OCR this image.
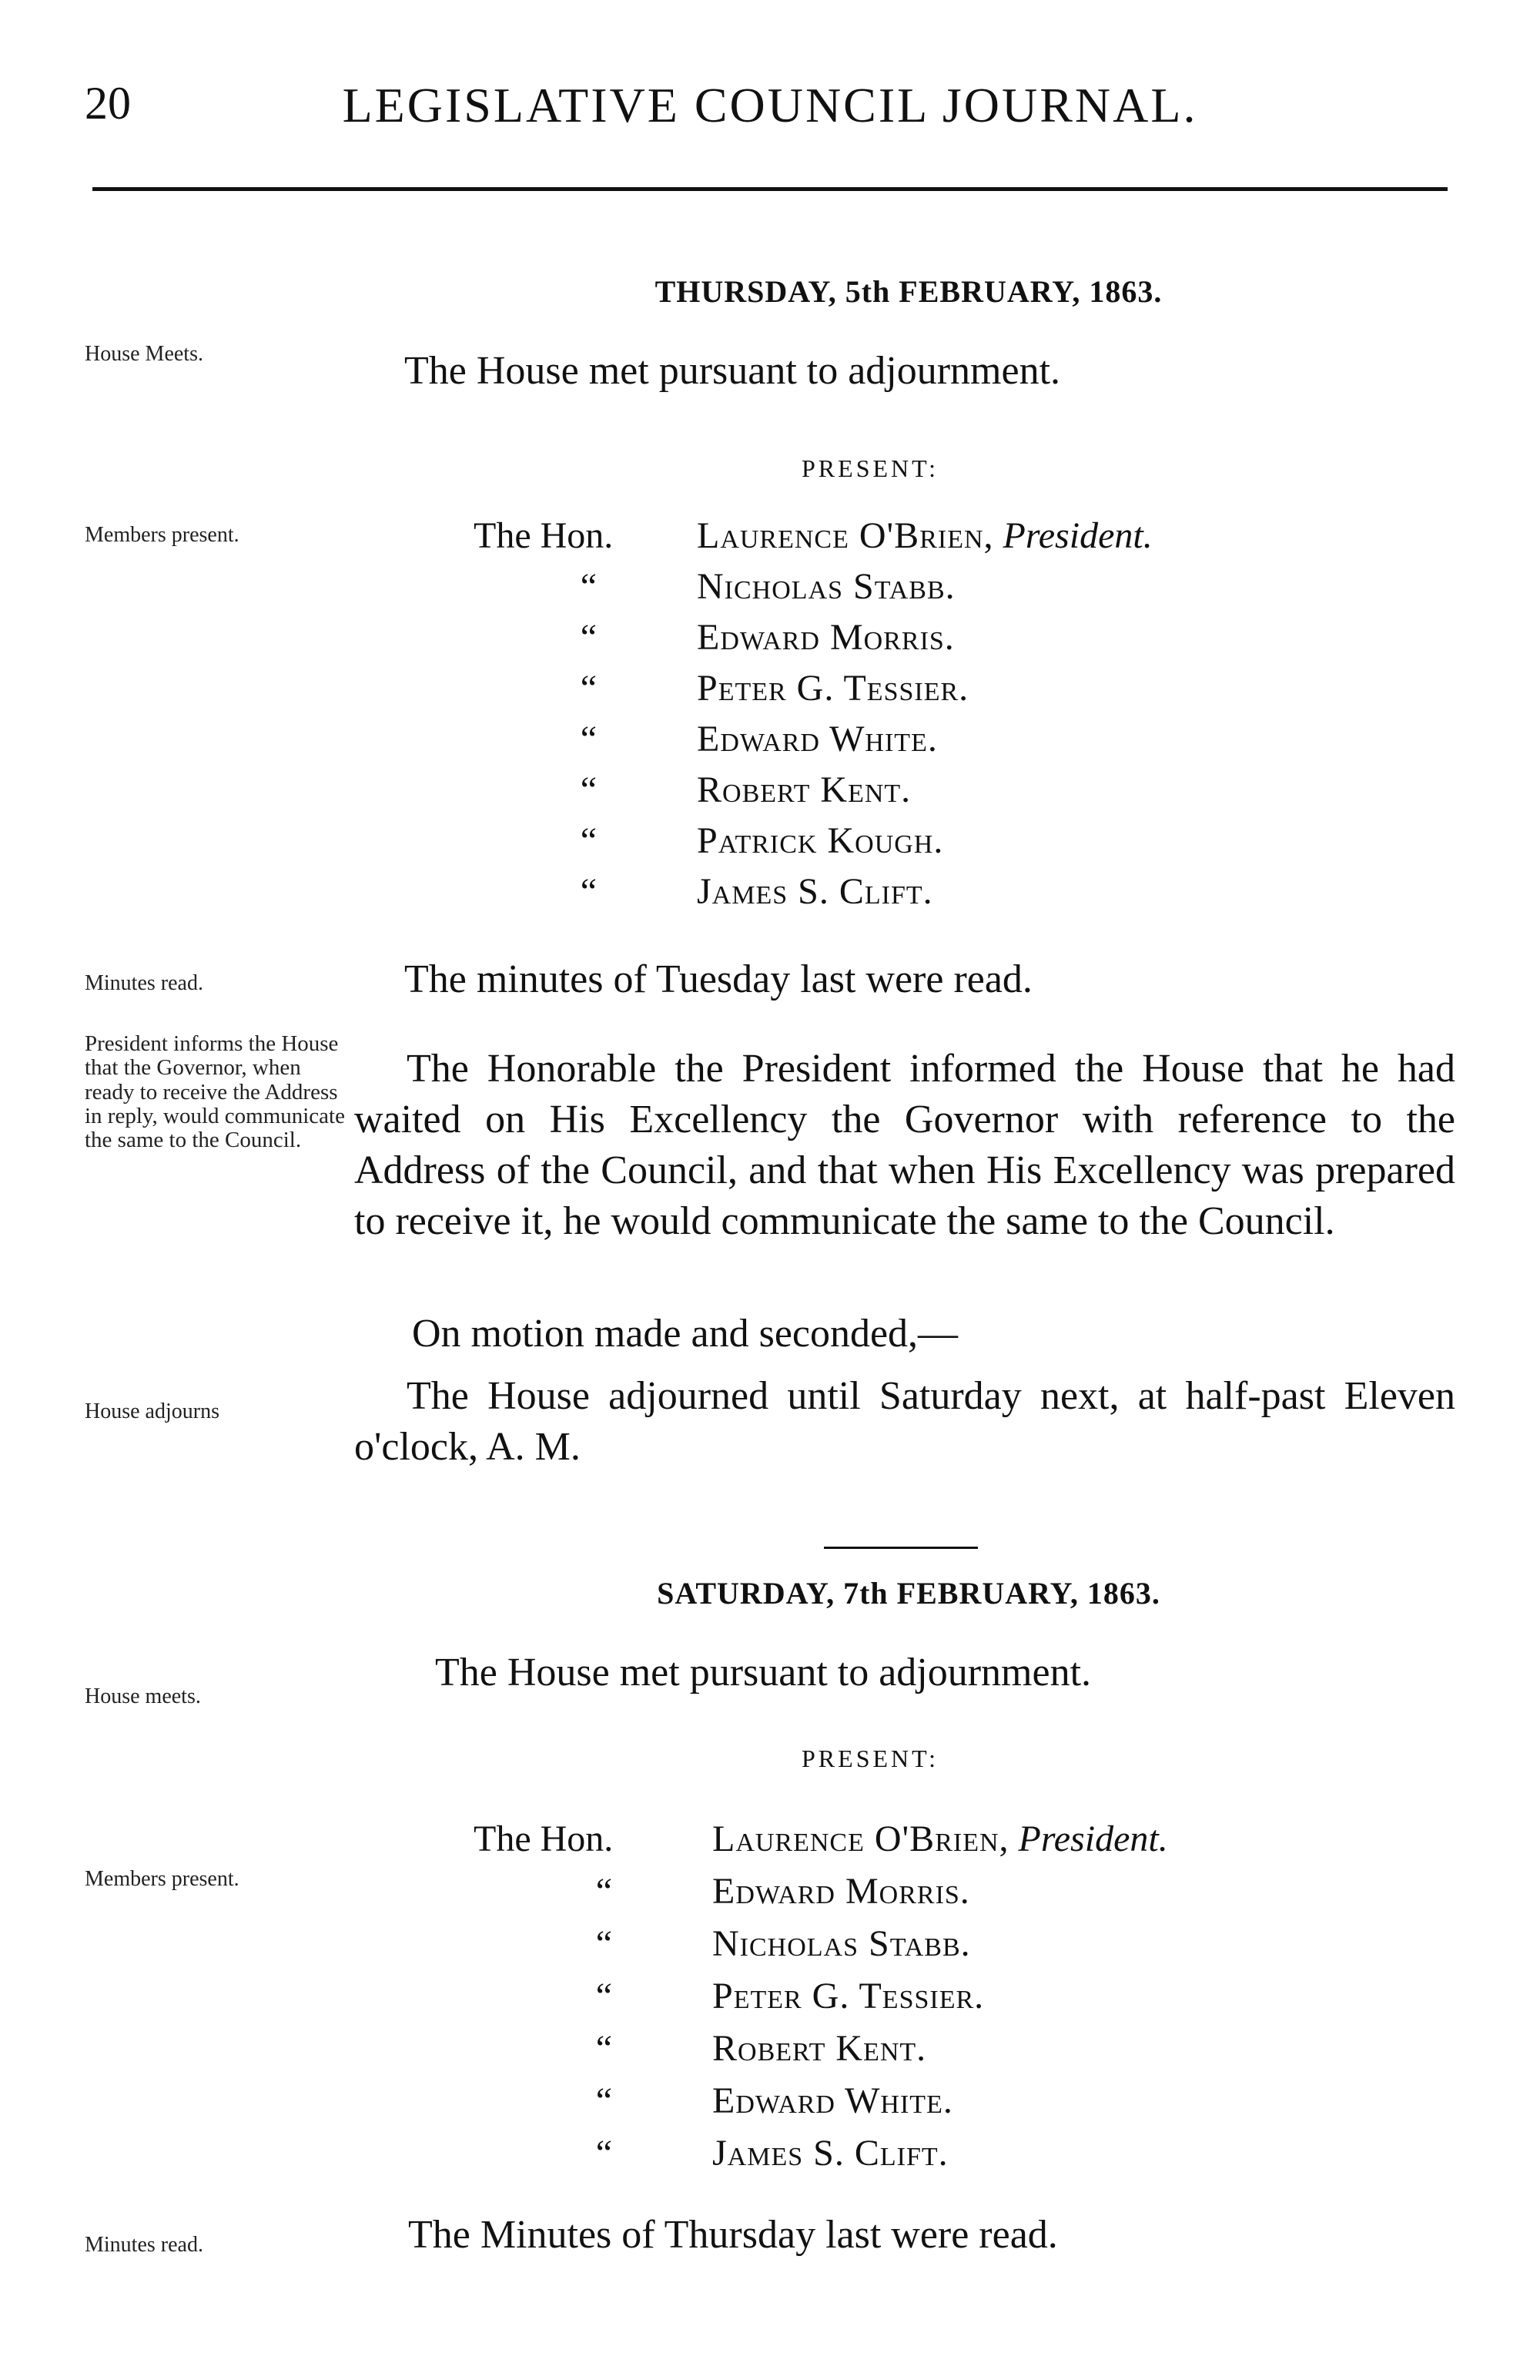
20	LEGISLATIVE COUNCIL JOURNAL.
THURSDAY, 5th FEBRUARY, 1863.
House Meets.	The House met pursuant to adjournment.
PRESENT:
Members present.	The Hon. Laurence O'Brien, President.
“	Nicholas Stabb.
“	Edward Morris.
“	Peter G. Tessier.
“	Edward White.
“	Robert Kent.
“	Patrick Kough.
“	James S. Clift.
Minutes read.	The minutes of Tuesday last were read.
President informs the House that the Governor, when ready to receive the Address in reply, would communicate the same to the Council.
The Honorable the President informed the House that he had waited on His Excellency the Governor with reference to the Address of the Council, and that when His Excellency was prepared to receive it, he would communicate the same to the Council.
On motion made and seconded,—
House adjourns	The House adjourned until Saturday next, at half-past Eleven o'clock, A. M.
SATURDAY, 7th FEBRUARY, 1863.
House meets.
The House met pursuant to adjournment.
PRESENT:
Members present.
The Hon.	Laurence O'Brien, President.
“	Edward Morris.
“	Nicholas Stabb.
“	Peter G. Tessier.
“	Robert Kent.
“	Edward White.
“	James S. Clift.
Minutes read.	The Minutes of Thursday last were read.
